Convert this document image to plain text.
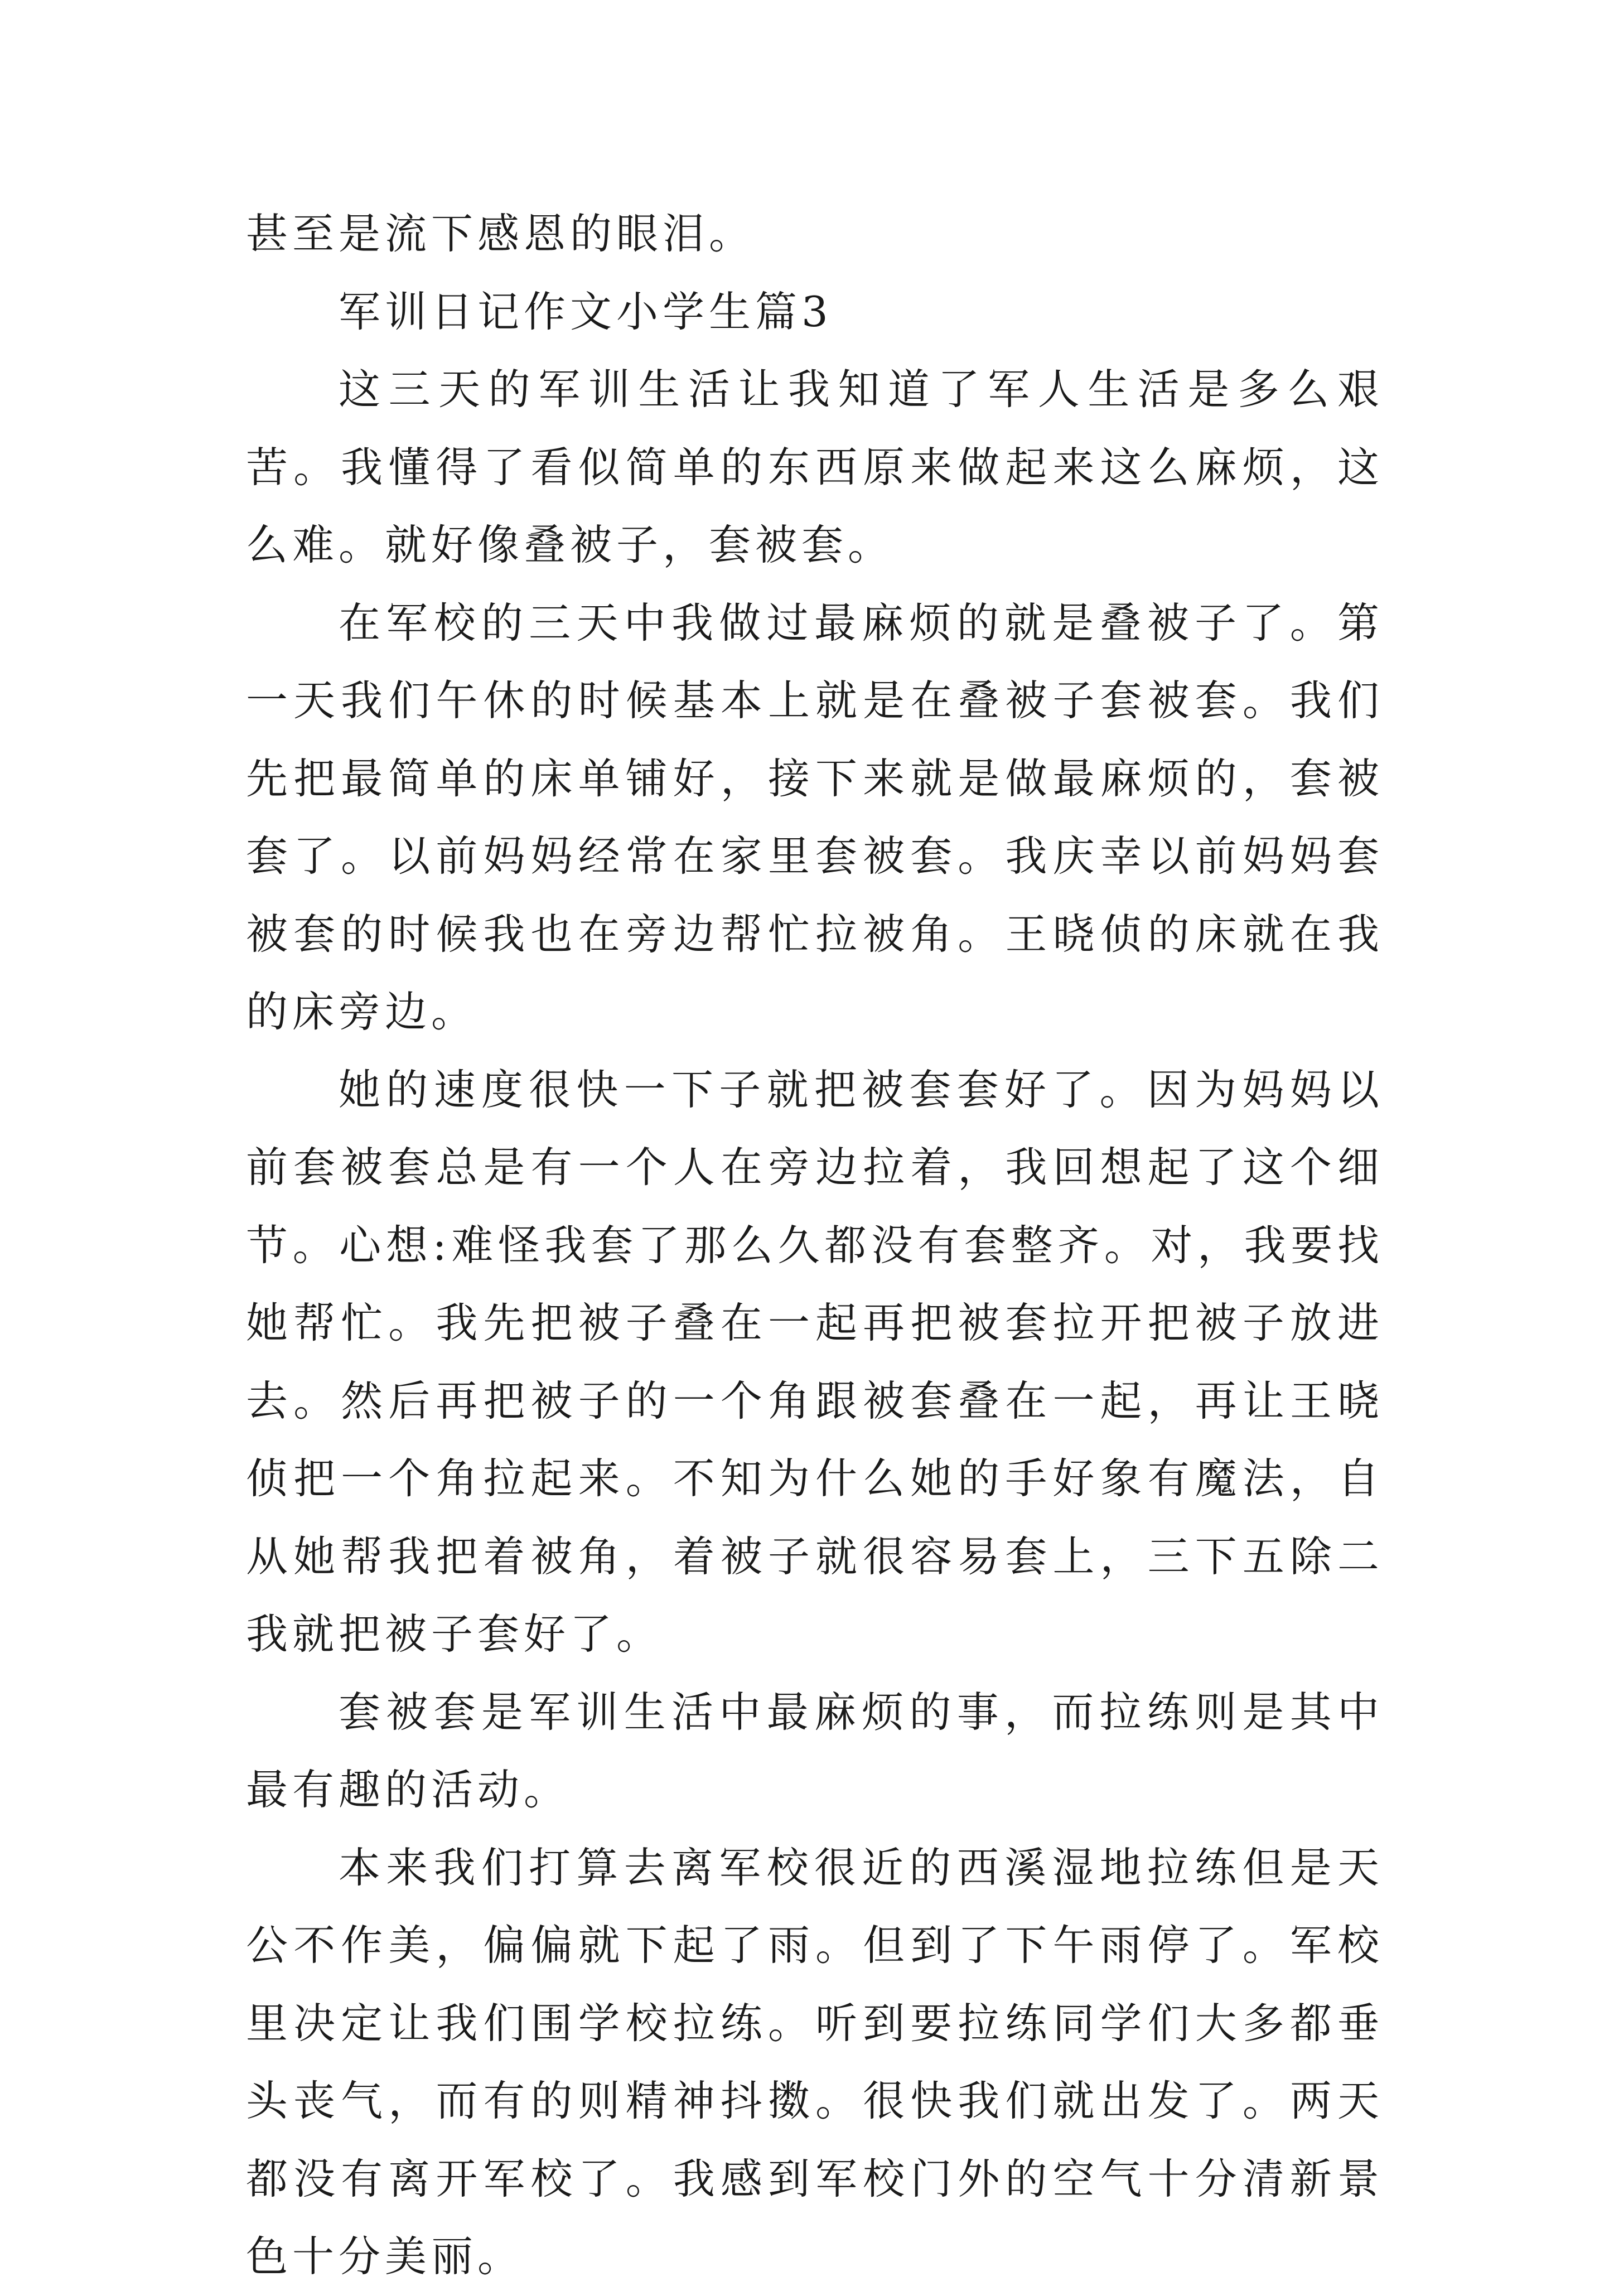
甚至是流下感恩的眼泪。

军训日记作文小学生篇3

这三天的军训生活让我知道了军人生活是多么艰苦。我懂得了看似简单的东西原来做起来这么麻烦，这么难。就好像叠被子，套被套。

在军校的三天中我做过最麻烦的就是叠被子了。第一天我们午休的时候基本上就是在叠被子套被套。我们先把最简单的床单铺好，接下来就是做最麻烦的，套被套了。以前妈妈经常在家里套被套。我庆幸以前妈妈套被套的时候我也在旁边帮忙拉被角。王晓侦的床就在我的床旁边。

她的速度很快一下子就把被套套好了。因为妈妈以前套被套总是有一个人在旁边拉着，我回想起了这个细节。心想:难怪我套了那么久都没有套整齐。对，我要找她帮忙。我先把被子叠在一起再把被套拉开把被子放进去。然后再把被子的一个角跟被套叠在一起，再让王晓侦把一个角拉起来。不知为什么她的手好象有魔法，自从她帮我把着被角，着被子就很容易套上，三下五除二我就把被子套好了。

套被套是军训生活中最麻烦的事，而拉练则是其中最有趣的活动。

本来我们打算去离军校很近的西溪湿地拉练但是天公不作美，偏偏就下起了雨。但到了下午雨停了。军校里决定让我们围学校拉练。听到要拉练同学们大多都垂头丧气，而有的则精神抖擞。很快我们就出发了。两天都没有离开军校了。我感到军校门外的空气十分清新景色十分美丽。
